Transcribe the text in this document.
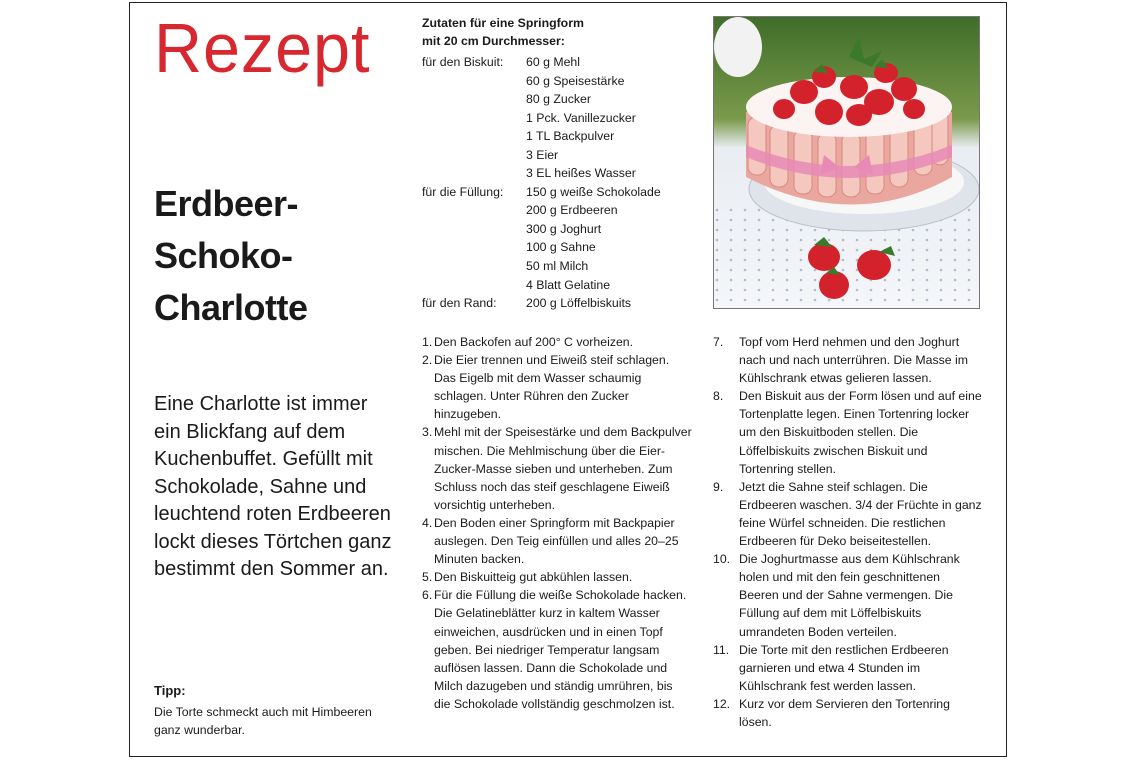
Rezept
Erdbeer-
Schoko-
Charlotte
Eine Charlotte ist immer ein Blickfang auf dem Kuchenbuffet. Gefüllt mit Schokolade, Sahne und leuchtend roten Erdbeeren lockt dieses Törtchen ganz bestimmt den Sommer an.
Tipp:
Die Torte schmeckt auch mit Himbeeren ganz wunderbar.
Zutaten für eine Springform
mit 20 cm Durchmesser:
für den Biskuit:	60 g Mehl
60 g Speisestärke
80 g Zucker
1 Pck. Vanillezucker
1 TL Backpulver
3 Eier
3 EL heißes Wasser
für die Füllung:	150 g weiße Schokolade
200 g Erdbeeren
300 g Joghurt
100 g Sahne
50 ml Milch
4 Blatt Gelatine
für den Rand:	200 g Löffelbiskuits
1. Den Backofen auf 200° C vorheizen.
2. Die Eier trennen und Eiweiß steif schlagen. Das Eigelb mit dem Wasser schaumig schlagen. Unter Rühren den Zucker hinzugeben.
3. Mehl mit der Speisestärke und dem Backpulver mischen. Die Mehlmischung über die Eier-Zucker-Masse sieben und unterheben. Zum Schluss noch das steif geschlagene Eiweiß vorsichtig unterheben.
4. Den Boden einer Springform mit Backpapier auslegen. Den Teig einfüllen und alles 20–25 Minuten backen.
5. Den Biskuitteig gut abkühlen lassen.
6. Für die Füllung die weiße Schokolade hacken. Die Gelatineblätter kurz in kaltem Wasser einweichen, ausdrücken und in einen Topf geben. Bei niedriger Temperatur langsam auflösen lassen. Dann die Schokolade und Milch dazugeben und ständig umrühren, bis die Schokolade vollständig geschmolzen ist.
7.	Topf vom Herd nehmen und den Joghurt nach und nach unterrühren. Die Masse im Kühlschrank etwas gelieren lassen.
8.	Den Biskuit aus der Form lösen und auf eine Tortenplatte legen. Einen Tortenring locker um den Biskuitboden stellen. Die Löffelbiskuits zwischen Biskuit und Tortenring stellen.
9.	Jetzt die Sahne steif schlagen. Die Erdbeeren waschen. 3/4 der Früchte in ganz feine Würfel schneiden. Die restlichen Erdbeeren für Deko beiseitestellen.
10. Die Joghurtmasse aus dem Kühlschrank holen und mit den fein geschnittenen Beeren und der Sahne vermengen. Die Füllung auf dem mit Löffelbiskuits umrandeten Boden verteilen.
11. Die Torte mit den restlichen Erdbeeren garnieren und etwa 4 Stunden im Kühlschrank fest werden lassen.
12. Kurz vor dem Servieren den Tortenring lösen.
